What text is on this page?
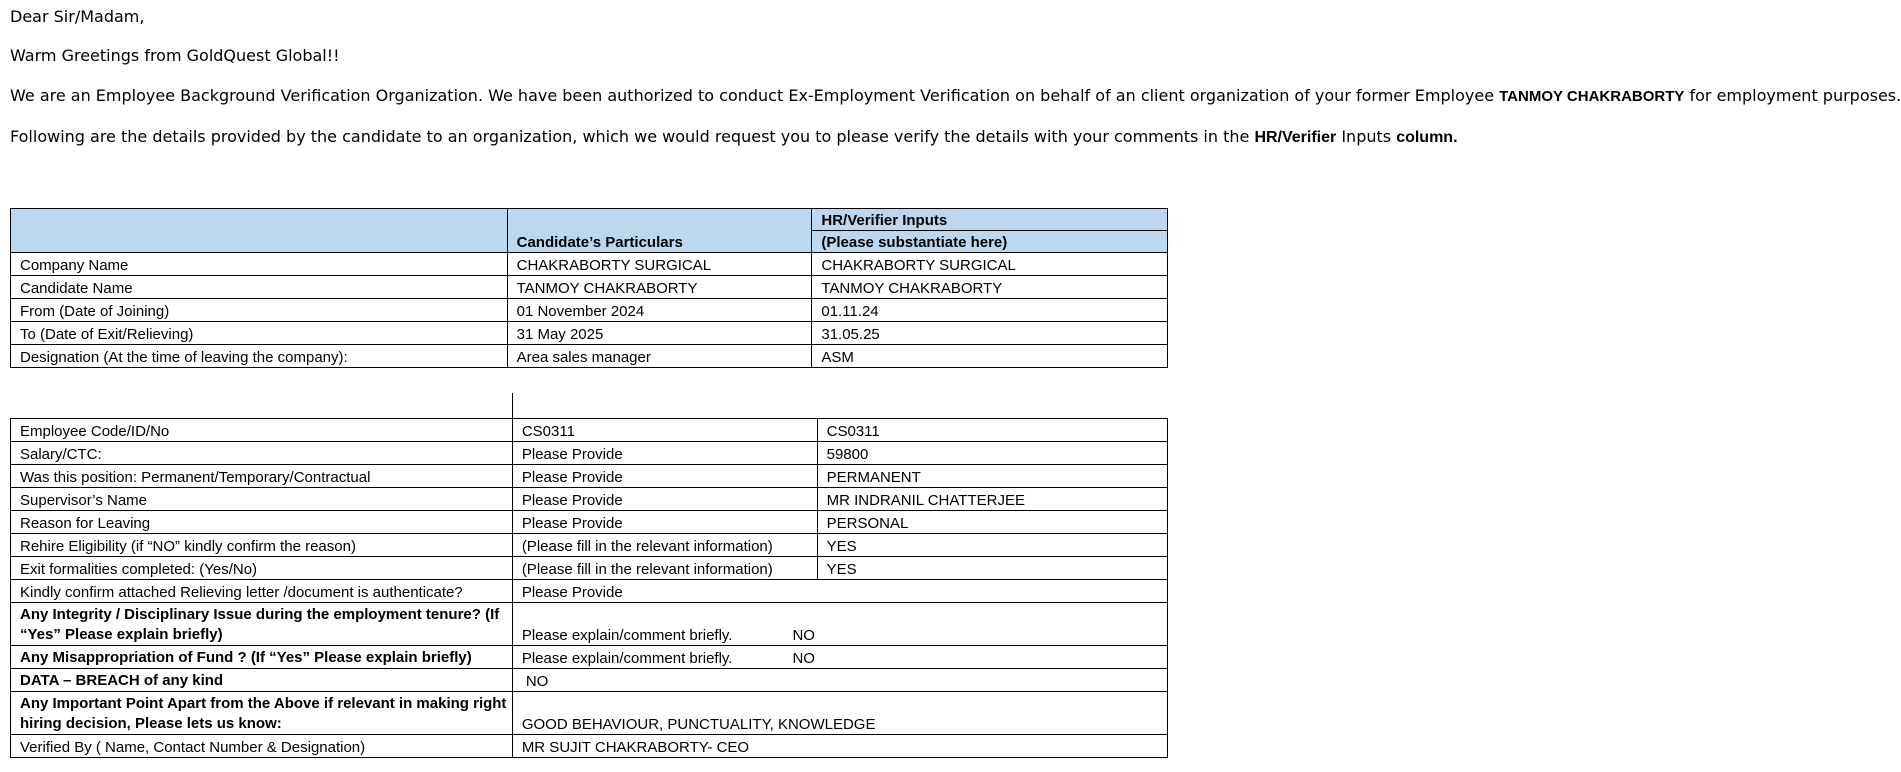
Dear Sir/Madam,
Warm Greetings from GoldQuest Global!!
We are an Employee Background Verification Organization. We have been authorized to conduct Ex-Employment Verification on behalf of an client organization of your former Employee TANMOY CHAKRABORTY for employment purposes.
Following are the details provided by the candidate to an organization, which we would request you to please verify the details with your comments in the HR/Verifier Inputs column.
	Candidate’s Particulars	HR/Verifier Inputs
		(Please substantiate here)
Company Name	CHAKRABORTY SURGICAL	CHAKRABORTY SURGICAL
Candidate Name	TANMOY CHAKRABORTY	TANMOY CHAKRABORTY
From (Date of Joining)	01 November 2024	01.11.24
To (Date of Exit/Relieving)	31 May 2025	31.05.25
Designation (At the time of leaving the company):	Area sales manager	ASM
Employee Code/ID/No	CS0311	CS0311
Salary/CTC:	Please Provide	59800
Was this position: Permanent/Temporary/Contractual	Please Provide	PERMANENT
Supervisor’s Name	Please Provide	MR INDRANIL CHATTERJEE
Reason for Leaving	Please Provide	PERSONAL
Rehire Eligibility (if “NO” kindly confirm the reason)	(Please fill in the relevant information)	YES
Exit formalities completed: (Yes/No)	(Please fill in the relevant information)	YES
Kindly confirm attached Relieving letter /document is authenticate?	Please Provide	
Any Integrity / Disciplinary Issue during the employment tenure? (If “Yes” Please explain briefly)	Please explain/comment briefly. NO	
Any Misappropriation of Fund ? (If “Yes” Please explain briefly)	Please explain/comment briefly. NO	
DATA – BREACH of any kind	NO	
Any Important Point Apart from the Above if relevant in making right hiring decision, Please lets us know:	GOOD BEHAVIOUR, PUNCTUALITY, KNOWLEDGE	
Verified By ( Name, Contact Number & Designation)	MR SUJIT CHAKRABORTY- CEO	
